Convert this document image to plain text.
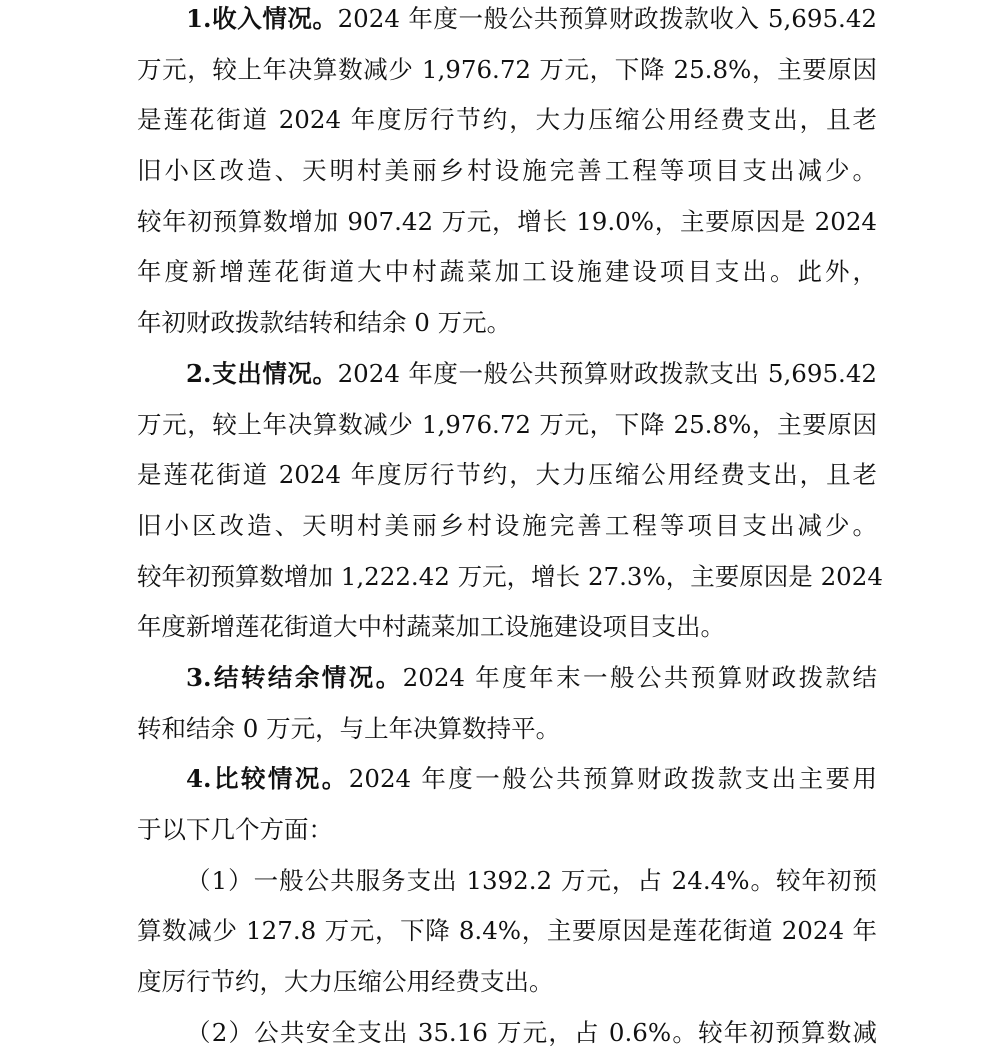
1.收入情况。2024 年度一般公共预算财政拨款收入 5,695.42
万元，较上年决算数减少 1,976.72 万元，下降 25.8%，主要原因
是莲花街道 2024 年度厉行节约，大力压缩公用经费支出，且老
旧小区改造、天明村美丽乡村设施完善工程等项目支出减少。
较年初预算数增加 907.42 万元，增长 19.0%，主要原因是 2024
年度新增莲花街道大中村蔬菜加工设施建设项目支出。此外，
年初财政拨款结转和结余 0 万元。
2.支出情况。2024 年度一般公共预算财政拨款支出 5,695.42
万元，较上年决算数减少 1,976.72 万元，下降 25.8%，主要原因
是莲花街道 2024 年度厉行节约，大力压缩公用经费支出，且老
旧小区改造、天明村美丽乡村设施完善工程等项目支出减少。
较年初预算数增加 1,222.42 万元，增长 27.3%，主要原因是 2024
年度新增莲花街道大中村蔬菜加工设施建设项目支出。
3.结转结余情况。2024 年度年末一般公共预算财政拨款结
转和结余 0 万元，与上年决算数持平。
4.比较情况。2024 年度一般公共预算财政拨款支出主要用
于以下几个方面：
（1）一般公共服务支出 1392.2 万元，占 24.4%。较年初预
算数减少 127.8 万元，下降 8.4%，主要原因是莲花街道 2024 年
度厉行节约，大力压缩公用经费支出。
（2）公共安全支出 35.16 万元，占 0.6%。较年初预算数减
